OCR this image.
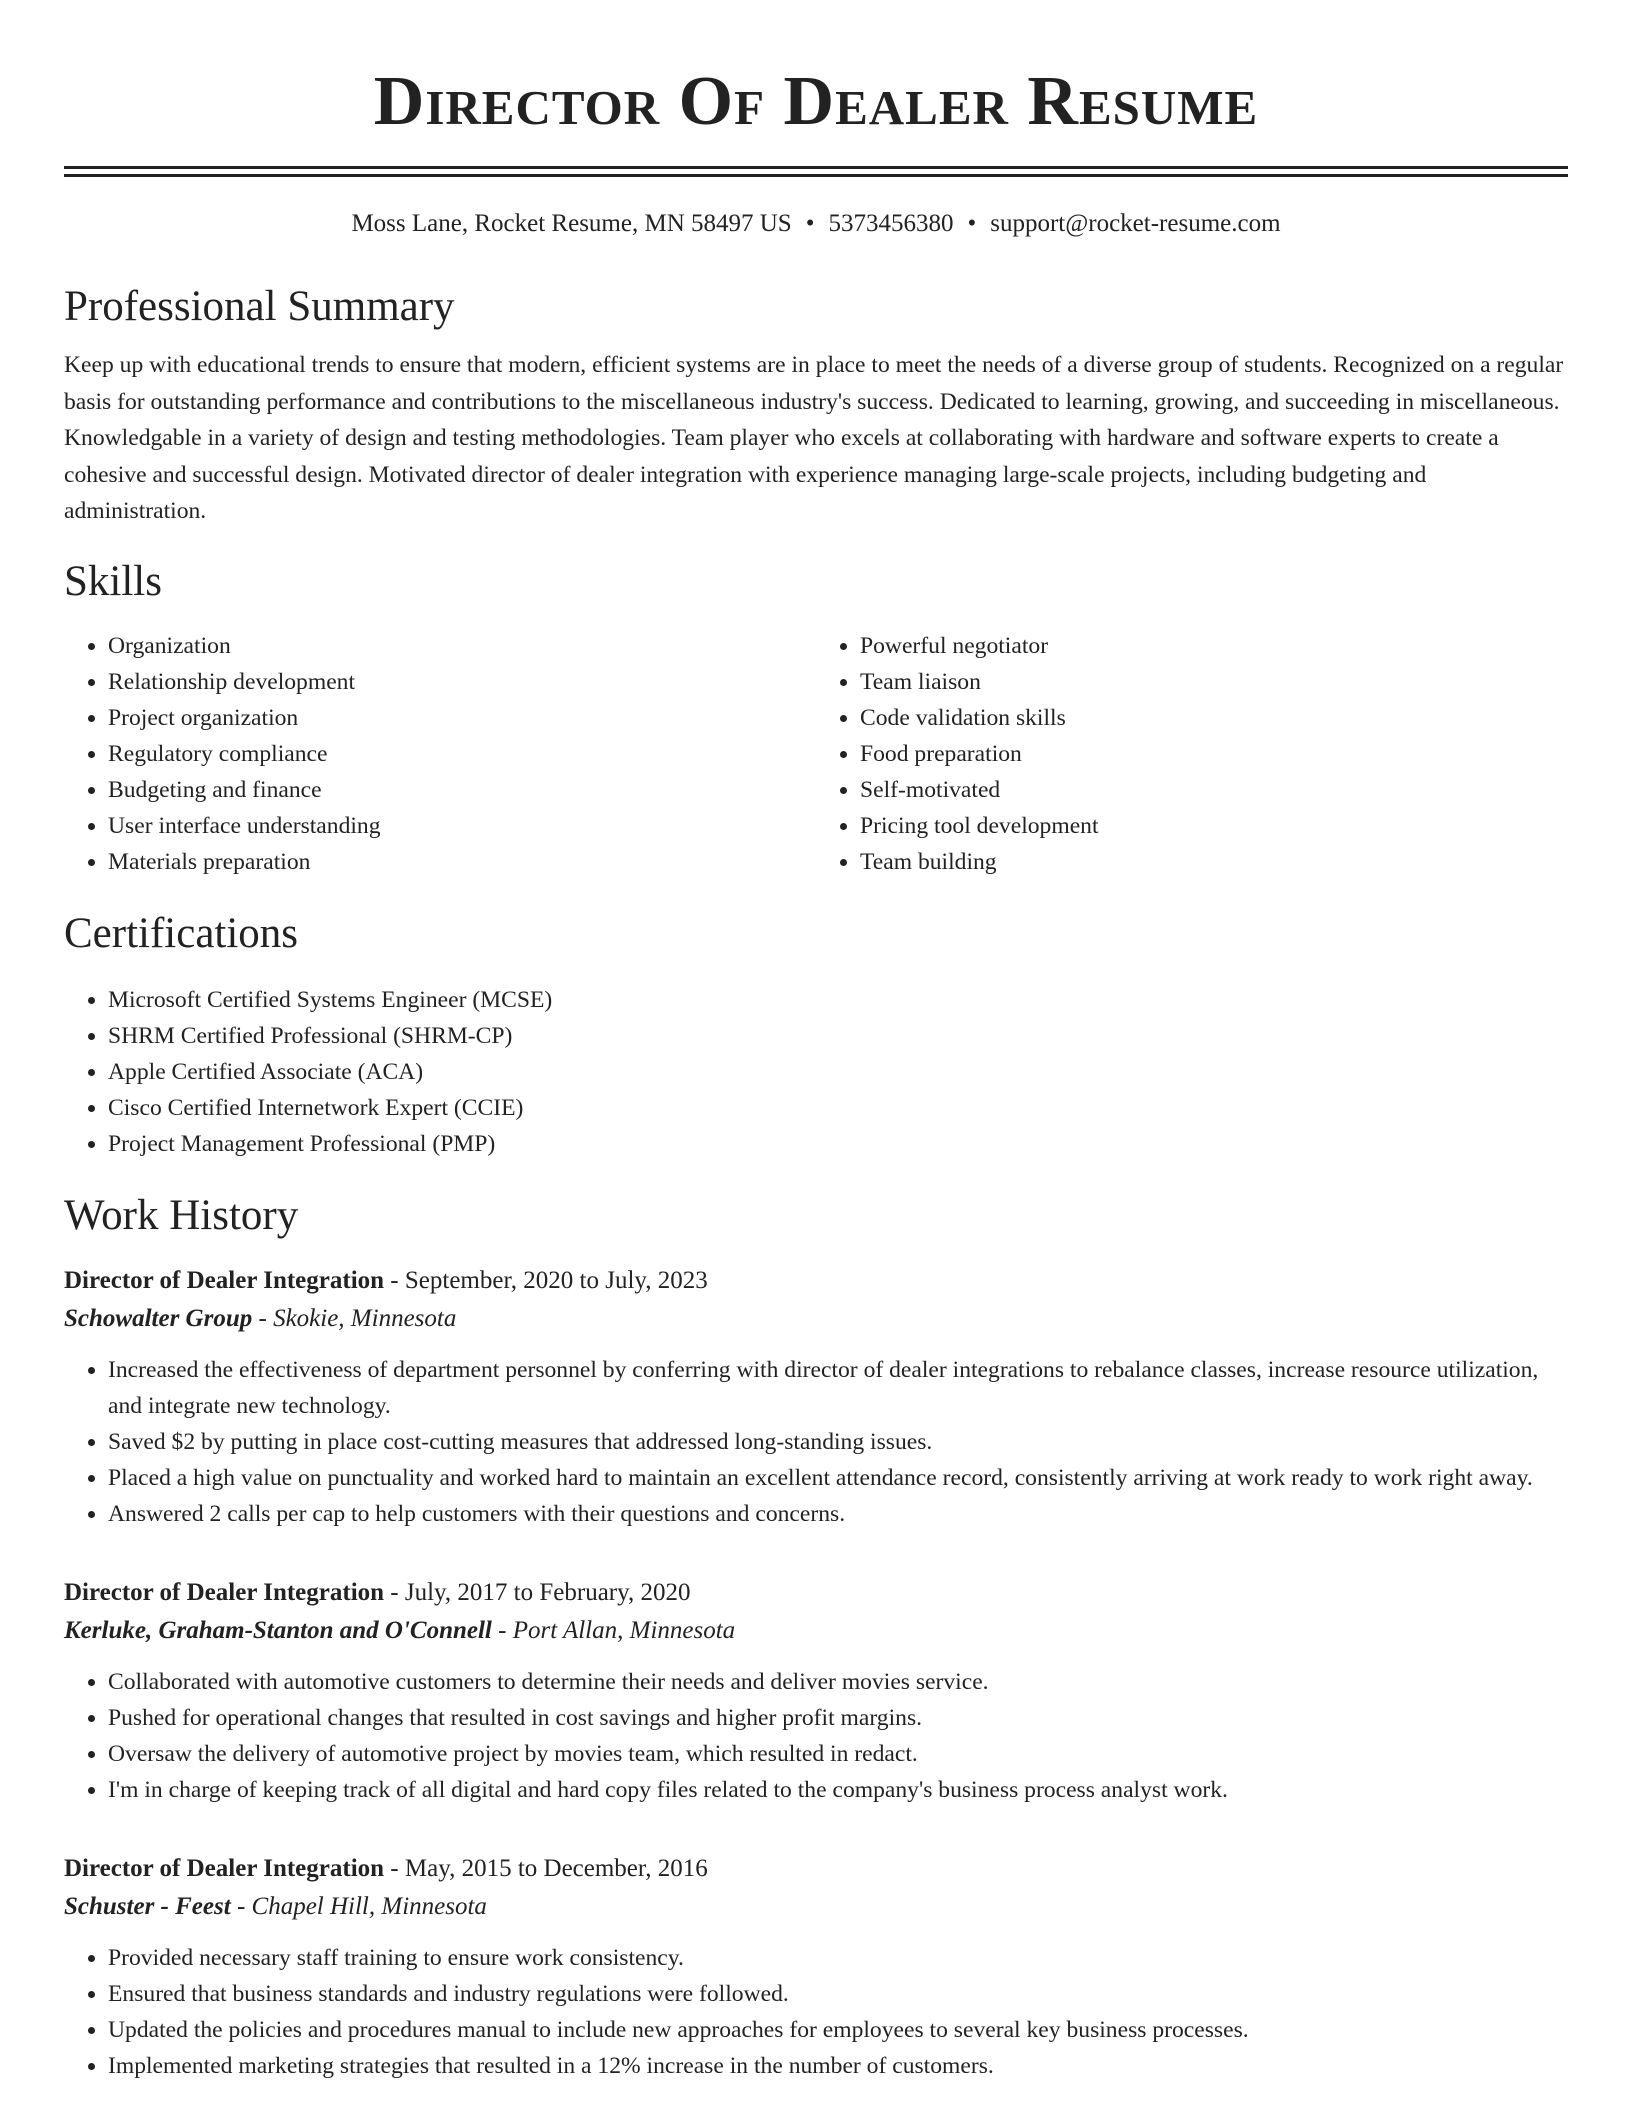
Director Of Dealer Resume
Moss Lane, Rocket Resume, MN 58497 US • 5373456380 • support@rocket-resume.com
Professional Summary

Keep up with educational trends to ensure that modern, efficient systems are in place to meet the needs of a diverse group of students. Recognized on a regular basis for outstanding performance and contributions to the miscellaneous industry's success. Dedicated to learning, growing, and succeeding in miscellaneous. Knowledgable in a variety of design and testing methodologies. Team player who excels at collaborating with hardware and software experts to create a cohesive and successful design. Motivated director of dealer integration with experience managing large-scale projects, including budgeting and administration.

Skills
• Organization
• Relationship development
• Project organization
• Regulatory compliance
• Budgeting and finance
• User interface understanding
• Materials preparation
• Powerful negotiator
• Team liaison
• Code validation skills
• Food preparation
• Self-motivated
• Pricing tool development
• Team building
Certifications
• Microsoft Certified Systems Engineer (MCSE)
• SHRM Certified Professional (SHRM-CP)
• Apple Certified Associate (ACA)
• Cisco Certified Internetwork Expert (CCIE)
• Project Management Professional (PMP)
Work History
Director of Dealer Integration - September, 2020 to July, 2023
Schowalter Group - Skokie, Minnesota
• Increased the effectiveness of department personnel by conferring with director of dealer integrations to rebalance classes, increase resource utilization, and integrate new technology.
• Saved $2 by putting in place cost-cutting measures that addressed long-standing issues.
• Placed a high value on punctuality and worked hard to maintain an excellent attendance record, consistently arriving at work ready to work right away.
• Answered 2 calls per cap to help customers with their questions and concerns.
Director of Dealer Integration - July, 2017 to February, 2020
Kerluke, Graham-Stanton and O'Connell - Port Allan, Minnesota
• Collaborated with automotive customers to determine their needs and deliver movies service.
• Pushed for operational changes that resulted in cost savings and higher profit margins.
• Oversaw the delivery of automotive project by movies team, which resulted in redact.
• I'm in charge of keeping track of all digital and hard copy files related to the company's business process analyst work.
Director of Dealer Integration - May, 2015 to December, 2016
Schuster - Feest - Chapel Hill, Minnesota
• Provided necessary staff training to ensure work consistency.
• Ensured that business standards and industry regulations were followed.
• Updated the policies and procedures manual to include new approaches for employees to several key business processes.
• Implemented marketing strategies that resulted in a 12% increase in the number of customers.
